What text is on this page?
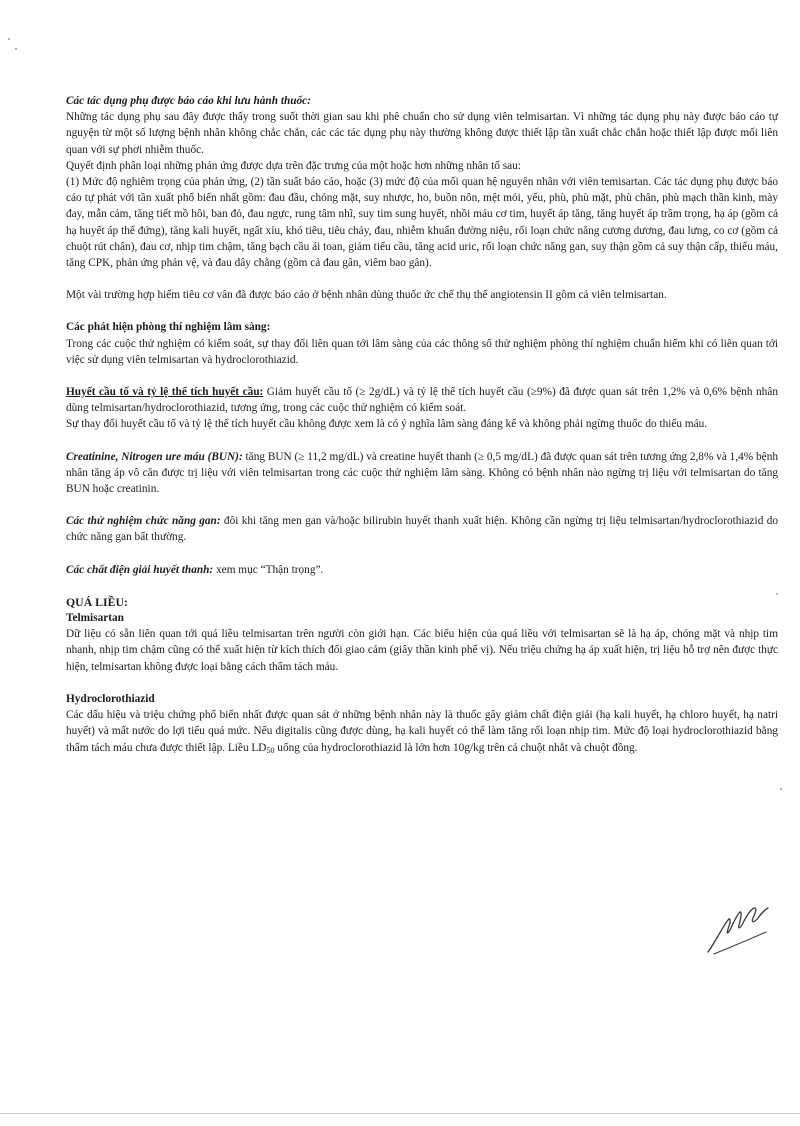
Các tác dụng phụ được báo cáo khi lưu hành thuốc:

Những tác dụng phụ sau đây được thấy trong suốt thời gian sau khi phê chuẩn cho sử dụng viên telmisartan. Vì những tác dụng phụ này được báo cáo tự nguyện từ một số lượng bệnh nhân không chắc chắn, các các tác dụng phụ này thường không được thiết lập tần xuất chắc chắn hoặc thiết lập được mối liên quan với sự phơi nhiễm thuốc.

Quyết định phân loại những phản ứng được dựa trên đặc trưng của một hoặc hơn những nhân tố sau:

(1) Mức độ nghiêm trọng của phản ứng, (2) tần suất báo cáo, hoặc (3) mức độ của mối quan hệ nguyên nhân với viên temisartan. Các tác dụng phụ được báo cáo tự phát với tần xuất phổ biến nhất gồm: đau đầu, chóng mặt, suy nhược, ho, buồn nôn, mệt mỏi, yếu, phù, phù mặt, phù chân, phù mạch thần kinh, mày đay, mẫn cảm, tăng tiết mồ hôi, ban đỏ, đau ngực, rung tâm nhĩ, suy tim sung huyết, nhồi máu cơ tim, huyết áp tăng, tăng huyết áp trầm trọng, hạ áp (gồm cả hạ huyết áp thế đứng), tăng kali huyết, ngất xỉu, khó tiêu, tiêu chảy, đau, nhiễm khuẩn đường niệu, rối loạn chức năng cương dương, đau lưng, co cơ (gồm cả chuột rút chân), đau cơ, nhịp tim chậm, tăng bạch cầu ái toan, giảm tiểu cầu, tăng acid uric, rối loạn chức năng gan, suy thận gồm cả suy thận cấp, thiếu máu, tăng CPK, phản ứng phản vệ, và đau dây chằng (gồm cả đau gân, viêm bao gân).

Một vài trường hợp hiếm tiêu cơ vân đã được báo cáo ở bệnh nhân dùng thuốc ức chế thụ thể angiotensin II gồm cả viên telmisartan.

Các phát hiện phòng thí nghiệm lâm sàng:

Trong các cuộc thử nghiệm có kiểm soát, sự thay đổi liên quan tới lâm sàng của các thông số thử nghiệm phòng thí nghiệm chuẩn hiếm khi có liên quan tới việc sử dụng viên telmisartan và hydroclorothiazid.

Huyết cầu tố và tỷ lệ thể tích huyết cầu: Giảm huyết cầu tố (≥ 2g/dL) và tỷ lệ thể tích huyết cầu (≥9%) đã được quan sát trên 1,2% và 0,6% bệnh nhân dùng telmisartan/hydroclorothiazid, tương ứng, trong các cuộc thử nghiệm có kiểm soát.

Sự thay đổi huyết cầu tố và tỷ lệ thể tích huyết cầu không được xem là có ý nghĩa lâm sàng đáng kể và không phải ngừng thuốc do thiếu máu.

Creatinine, Nitrogen ure máu (BUN): tăng BUN (≥ 11,2 mg/dL) và creatine huyết thanh (≥ 0,5 mg/dL) đã được quan sát trên tương ứng 2,8% và 1,4% bệnh nhân tăng áp vô căn được trị liệu với viên telmisartan trong các cuộc thử nghiệm lâm sàng. Không có bệnh nhân nào ngừng trị liệu với telmisartan do tăng BUN hoặc creatinin.

Các thử nghiệm chức năng gan: đôi khi tăng men gan và/hoặc bilirubin huyết thanh xuất hiện. Không cần ngừng trị liệu telmisartan/hydroclorothiazid do chức năng gan bất thường.

Các chất điện giải huyết thanh: xem mục “Thận trọng”.

QUÁ LIỀU:

Telmisartan

Dữ liệu có sẵn liên quan tới quá liều telmisartan trên người còn giới hạn. Các biểu hiện của quá liều với telmisartan sẽ là hạ áp, chóng mặt và nhịp tim nhanh, nhịp tim chậm cũng có thể xuất hiện từ kích thích đối giao cảm (giây thần kinh phế vị). Nếu triệu chứng hạ áp xuất hiện, trị liệu hỗ trợ nên được thực hiện, telmisartan không được loại bằng cách thẩm tách máu.

Hydroclorothiazid

Các dấu hiệu và triệu chứng phổ biến nhất được quan sát ở những bệnh nhân này là thuốc gây giảm chất điện giải (hạ kali huyết, hạ chloro huyết, hạ natri huyết) và mất nước do lợi tiểu quá mức. Nếu digitalis cũng được dùng, hạ kali huyết có thể làm tăng rối loạn nhịp tim. Mức độ loại hydroclorothiazid bằng thẩm tách máu chưa được thiết lập. Liều $LD_{50}$ uống của hydroclorothiazid là lớn hơn 10g/kg trên cả chuột nhắt và chuột đồng.
